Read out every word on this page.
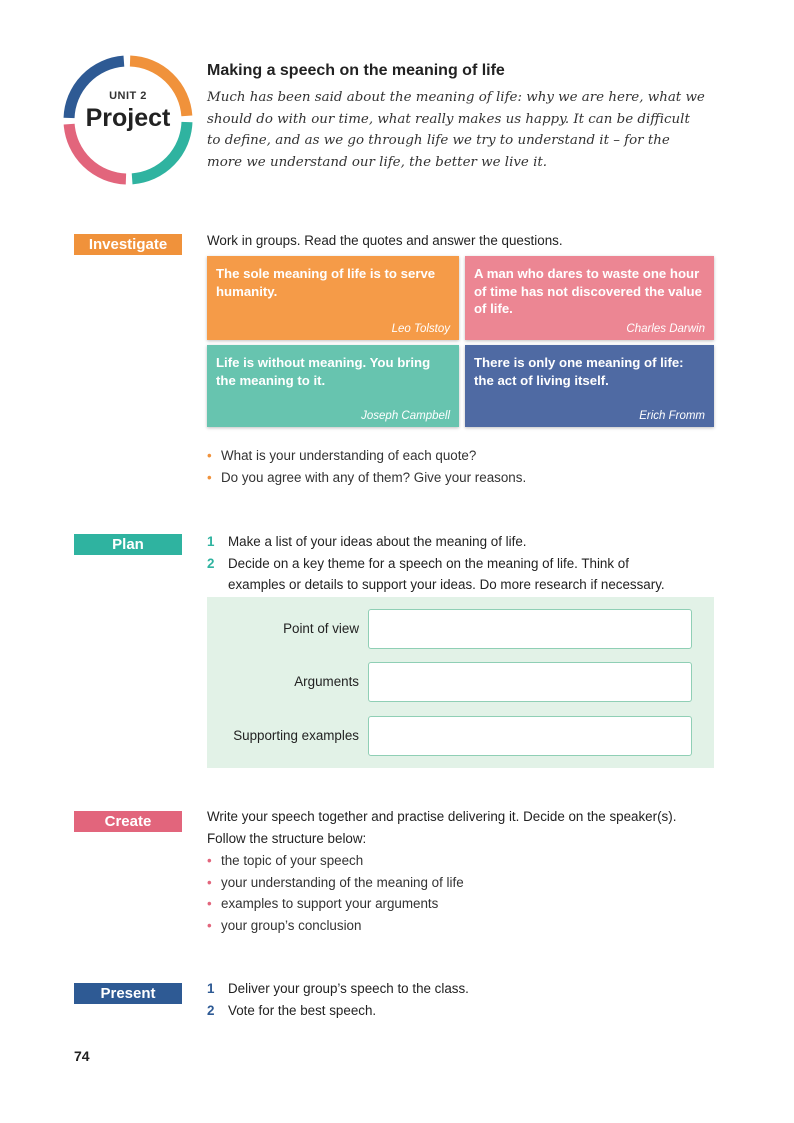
UNIT 2
Project
Making a speech on the meaning of life
Much has been said about the meaning of life: why we are here, what we should do with our time, what really makes us happy. It can be difficult to define, and as we go through life we try to understand it – for the more we understand our life, the better we live it.
Investigate	Work in groups. Read the quotes and answer the questions.
The sole meaning of life is to serve humanity.
Leo Tolstoy
A man who dares to waste one hour of time has not discovered the value of life.
Charles Darwin
Life is without meaning. You bring the meaning to it.
Joseph Campbell
There is only one meaning of life: the act of living itself.
Erich Fromm
• What is your understanding of each quote?
• Do you agree with any of them? Give your reasons.
Plan	1 Make a list of your ideas about the meaning of life.
2 Decide on a key theme for a speech on the meaning of life. Think of
examples or details to support your ideas. Do more research if necessary.
Point of view
Arguments
Supporting examples
Create	Write your speech together and practise delivering it. Decide on the speaker(s).
Follow the structure below:
• the topic of your speech
• your understanding of the meaning of life
• examples to support your arguments
• your group’s conclusion
Present	1 Deliver your group’s speech to the class.
2 Vote for the best speech.
74
